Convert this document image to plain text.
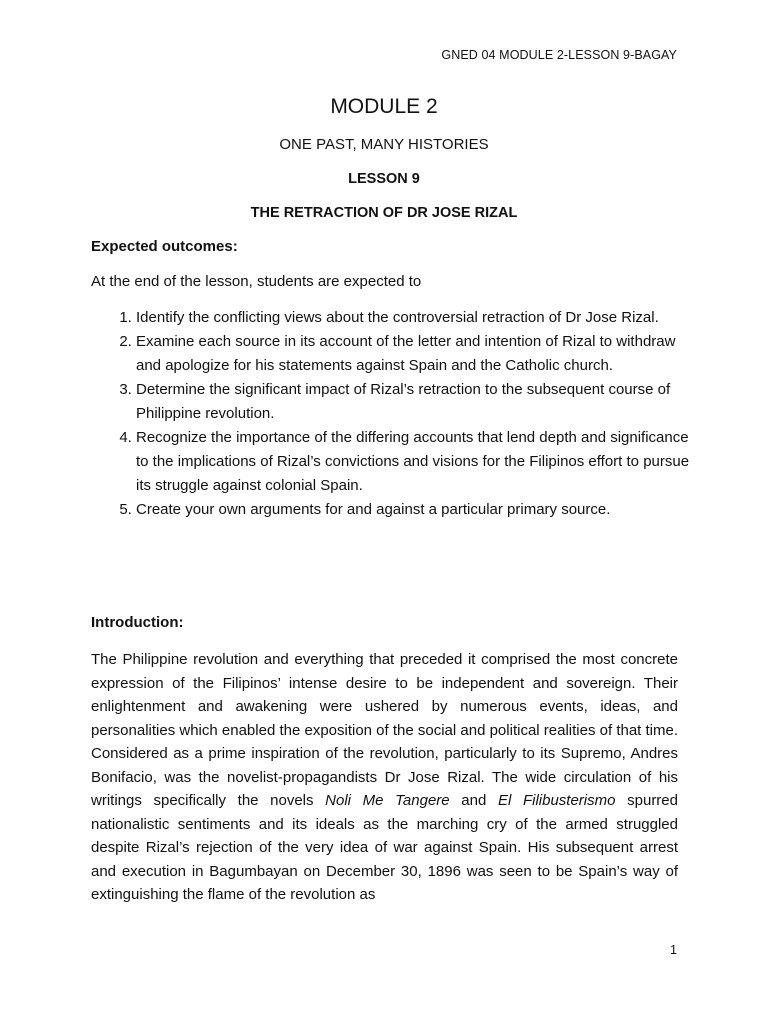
GNED 04 MODULE 2-LESSON 9-BAGAY
MODULE 2
ONE PAST, MANY HISTORIES
LESSON 9
THE RETRACTION OF DR JOSE RIZAL
Expected outcomes:
At the end of the lesson, students are expected to
1. Identify the conflicting views about the controversial retraction of Dr Jose Rizal.
2. Examine each source in its account of the letter and intention of Rizal to withdraw and apologize for his statements against Spain and the Catholic church.
3. Determine the significant impact of Rizal’s retraction to the subsequent course of Philippine revolution.
4. Recognize the importance of the differing accounts that lend depth and significance to the implications of Rizal’s convictions and visions for the Filipinos effort to pursue its struggle against colonial Spain.
5. Create your own arguments for and against a particular primary source.
Introduction:

The Philippine revolution and everything that preceded it comprised the most concrete expression of the Filipinos’ intense desire to be independent and sovereign. Their enlightenment and awakening were ushered by numerous events, ideas, and personalities which enabled the exposition of the social and political realities of that time. Considered as a prime inspiration of the revolution, particularly to its Supremo, Andres Bonifacio, was the novelist-propagandists Dr Jose Rizal. The wide circulation of his writings specifically the novels Noli Me Tangere and El Filibusterismo spurred nationalistic sentiments and its ideals as the marching cry of the armed struggled despite Rizal’s rejection of the very idea of war against Spain. His subsequent arrest and execution in Bagumbayan on December 30, 1896 was seen to be Spain’s way of extinguishing the flame of the revolution as

1
